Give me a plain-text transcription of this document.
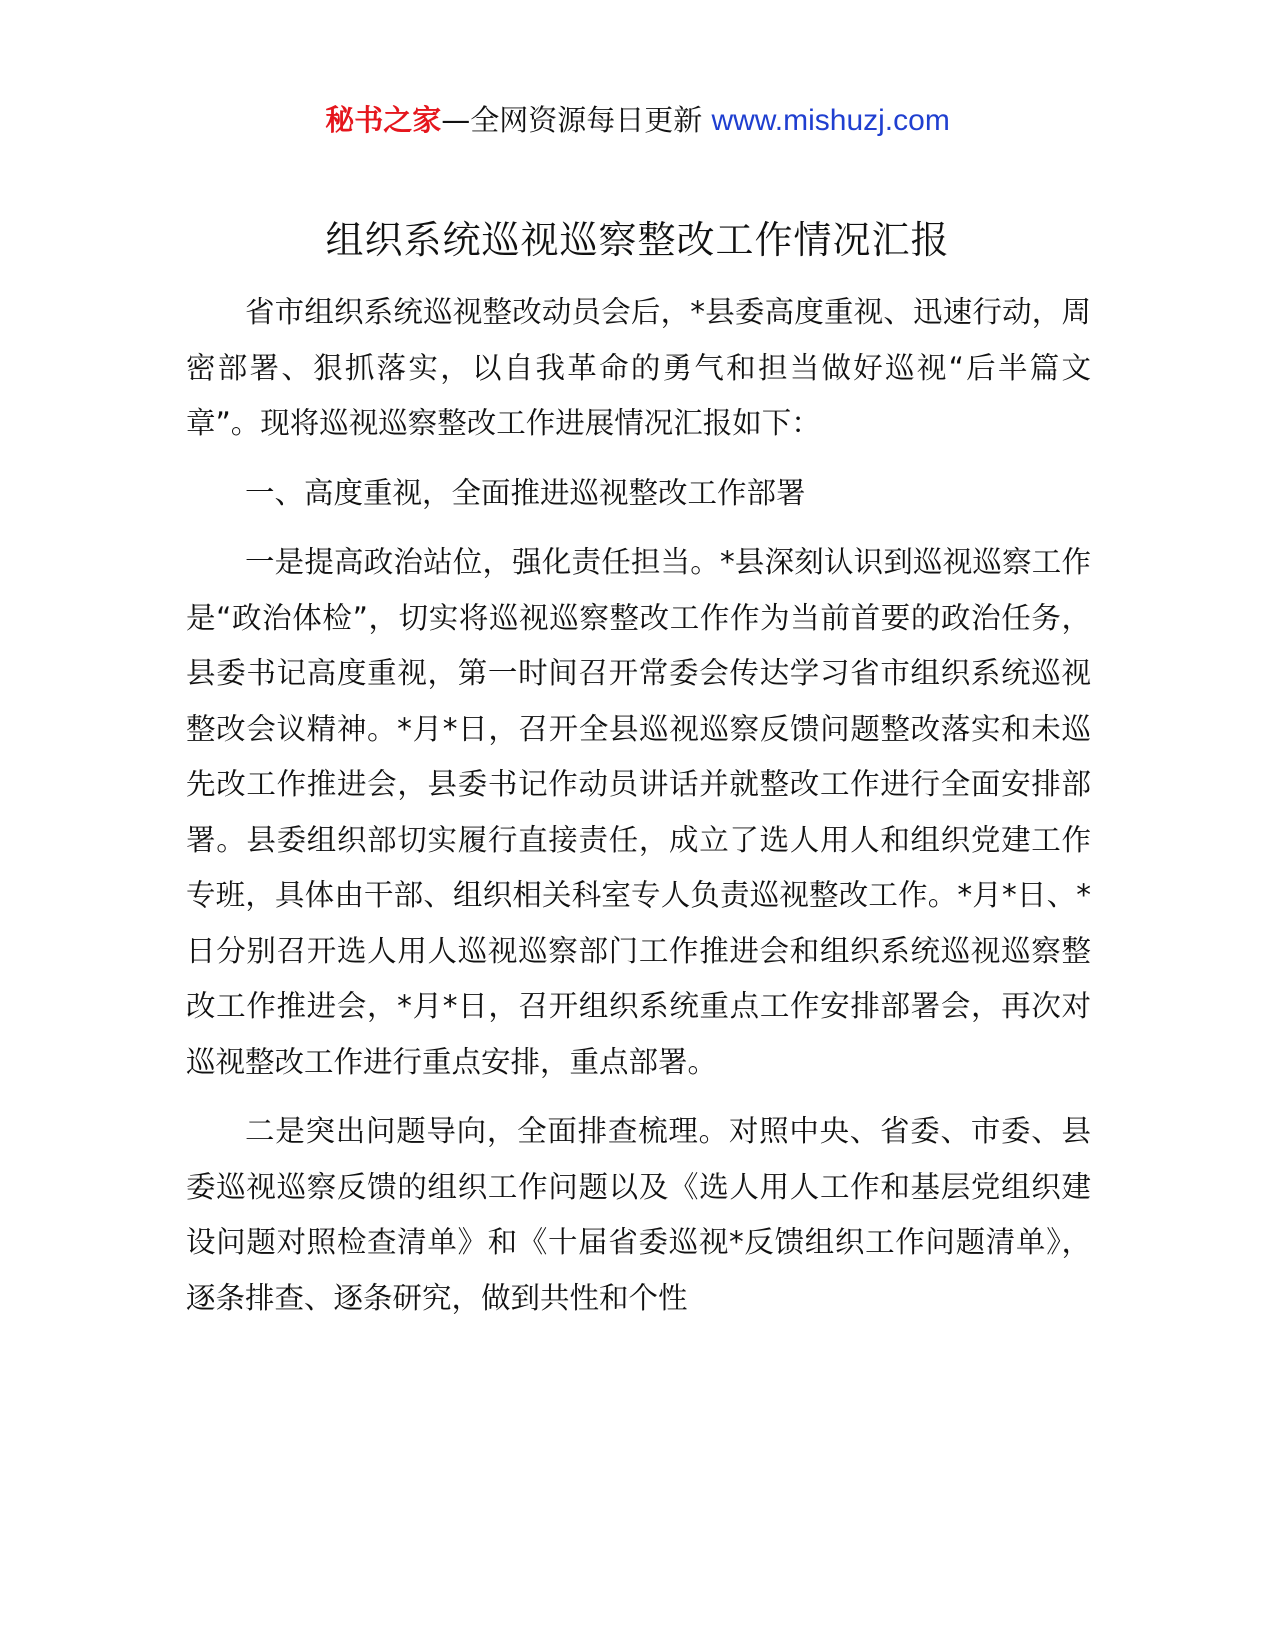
秘书之家—全网资源每日更新 www.mishuzj.com
组织系统巡视巡察整改工作情况汇报

省市组织系统巡视整改动员会后，*县委高度重视、迅速行动，周密部署、狠抓落实，以自我革命的勇气和担当做好巡视“后半篇文章”。现将巡视巡察整改工作进展情况汇报如下：

一、高度重视，全面推进巡视整改工作部署

一是提高政治站位，强化责任担当。*县深刻认识到巡视巡察工作是“政治体检”，切实将巡视巡察整改工作作为当前首要的政治任务，县委书记高度重视，第一时间召开常委会传达学习省市组织系统巡视整改会议精神。*月*日，召开全县巡视巡察反馈问题整改落实和未巡先改工作推进会，县委书记作动员讲话并就整改工作进行全面安排部署。县委组织部切实履行直接责任，成立了选人用人和组织党建工作专班，具体由干部、组织相关科室专人负责巡视整改工作。*月*日、*日分别召开选人用人巡视巡察部门工作推进会和组织系统巡视巡察整改工作推进会，*月*日，召开组织系统重点工作安排部署会，再次对巡视整改工作进行重点安排，重点部署。

二是突出问题导向，全面排查梳理。对照中央、省委、市委、县委巡视巡察反馈的组织工作问题以及《选人用人工作和基层党组织建设问题对照检查清单》和《十届省委巡视*反馈组织工作问题清单》，逐条排查、逐条研究，做到共性和个性
